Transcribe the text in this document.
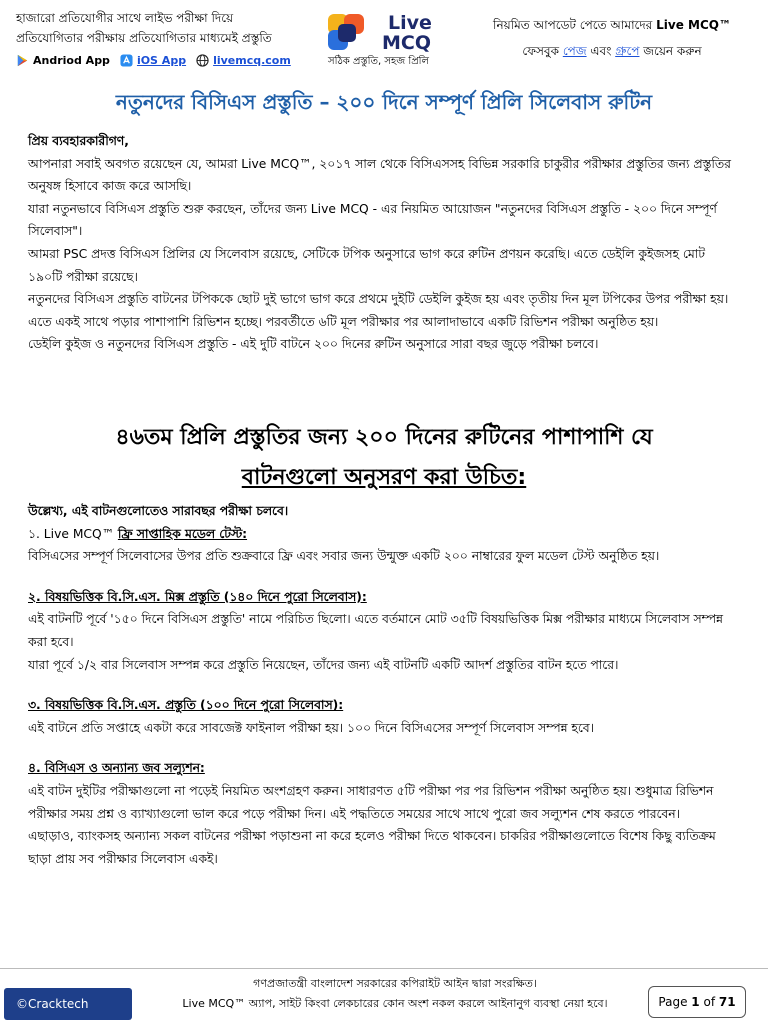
হাজারো প্রতিযোগীর সাথে লাইভ পরীক্ষা দিয়ে
প্রতিযোগিতার পরীক্ষায় প্রতিযোগিতার মাধ্যমেই প্রস্তুতি
Andriod App iOS App livemcq.com
Live
MCQ
সঠিক প্রস্তুতি, সহজ প্রিলি
নিয়মিত আপডেট পেতে আমাদের Live MCQ™
ফেসবুক পেজ এবং গ্রুপে জয়েন করুন
নতুনদের বিসিএস প্রস্তুতি – ২০০ দিনে সম্পূর্ণ প্রিলি সিলেবাস রুটিন

প্রিয় ব্যবহারকারীগণ,

আপনারা সবাই অবগত রয়েছেন যে, আমরা Live MCQ™, ২০১৭ সাল থেকে বিসিএসসহ বিভিন্ন সরকারি চাকুরীর পরীক্ষার প্রস্তুতির জন্য প্রস্তুতির অনুষঙ্গ হিসাবে কাজ করে আসছি।

যারা নতুনভাবে বিসিএস প্রস্তুতি শুরু করছেন, তাঁদের জন্য Live MCQ - এর নিয়মিত আয়োজন "নতুনদের বিসিএস প্রস্তুতি - ২০০ দিনে সম্পূর্ণ সিলেবাস"।

আমরা PSC প্রদত্ত বিসিএস প্রিলির যে সিলেবাস রয়েছে, সেটিকে টপিক অনুসারে ভাগ করে রুটিন প্রণয়ন করেছি। এতে ডেইলি কুইজসহ মোট ১৯০টি পরীক্ষা রয়েছে।

নতুনদের বিসিএস প্রস্তুতি বাটনের টপিককে ছোট দুই ভাগে ভাগ করে প্রথমে দুইটি ডেইলি কুইজ হয় এবং তৃতীয় দিন মূল টপিকের উপর পরীক্ষা হয়। এতে একই সাথে পড়ার পাশাপাশি রিভিশন হচ্ছে। পরবর্তীতে ৬টি মূল পরীক্ষার পর আলাদাভাবে একটি রিভিশন পরীক্ষা অনুষ্ঠিত হয়।

ডেইলি কুইজ ও নতুনদের বিসিএস প্রস্তুতি - এই দুটি বাটনে ২০০ দিনের রুটিন অনুসারে সারা বছর জুড়ে পরীক্ষা চলবে।

৪৬তম প্রিলি প্রস্তুতির জন্য ২০০ দিনের রুটিনের পাশাপাশি যে
বাটনগুলো অনুসরণ করা উচিত:

উল্লেখ্য, এই বাটনগুলোতেও সারাবছর পরীক্ষা চলবে।

১. Live MCQ™ ফ্রি সাপ্তাহিক মডেল টেস্ট:

বিসিএসের সম্পূর্ণ সিলেবাসের উপর প্রতি শুক্রবারে ফ্রি এবং সবার জন্য উন্মুক্ত একটি ২০০ নাম্বারের ফুল মডেল টেস্ট অনুষ্ঠিত হয়।

২. বিষয়ভিত্তিক বি.সি.এস. মিক্স প্রস্তুতি (১৪০ দিনে পুরো সিলেবাস):

এই বাটনটি পূর্বে '১৫০ দিনে বিসিএস প্রস্তুতি' নামে পরিচিত ছিলো। এতে বর্তমানে মোট ৩৫টি বিষয়ভিত্তিক মিক্স পরীক্ষার মাধ্যমে সিলেবাস সম্পন্ন করা হবে।

যারা পূর্বে ১/২ বার সিলেবাস সম্পন্ন করে প্রস্তুতি নিয়েছেন, তাঁদের জন্য এই বাটনটি একটি আদর্শ প্রস্তুতির বাটন হতে পারে।

৩. বিষয়ভিত্তিক বি.সি.এস. প্রস্তুতি (১০০ দিনে পুরো সিলেবাস):

এই বাটনে প্রতি সপ্তাহে একটা করে সাবজেক্ট ফাইনাল পরীক্ষা হয়। ১০০ দিনে বিসিএসের সম্পূর্ণ সিলেবাস সম্পন্ন হবে।

৪. বিসিএস ও অন্যান্য জব সল্যুশন:

এই বাটন দুইটির পরীক্ষাগুলো না পড়েই নিয়মিত অংশগ্রহণ করুন। সাধারণত ৫টি পরীক্ষা পর পর রিভিশন পরীক্ষা অনুষ্ঠিত হয়। শুধুমাত্র রিভিশন পরীক্ষার সময় প্রশ্ন ও ব্যাখ্যাগুলো ভাল করে পড়ে পরীক্ষা দিন। এই পদ্ধতিতে সময়ের সাথে সাথে পুরো জব সল্যুশন শেষ করতে পারবেন।

এছাড়াও, ব্যাংকসহ অন্যান্য সকল বাটনের পরীক্ষা পড়াশুনা না করে হলেও পরীক্ষা দিতে থাকবেন। চাকরির পরীক্ষাগুলোতে বিশেষ কিছু ব্যতিক্রম ছাড়া প্রায় সব পরীক্ষার সিলেবাস একই।

©Cracktech
গণপ্রজাতন্ত্রী বাংলাদেশ সরকারের কপিরাইট আইন দ্বারা সংরক্ষিত।
Live MCQ™ অ্যাপ, সাইট কিংবা লেকচারের কোন অংশ নকল করলে আইনানুগ ব্যবস্থা নেয়া হবে।	Page 1 of 71
